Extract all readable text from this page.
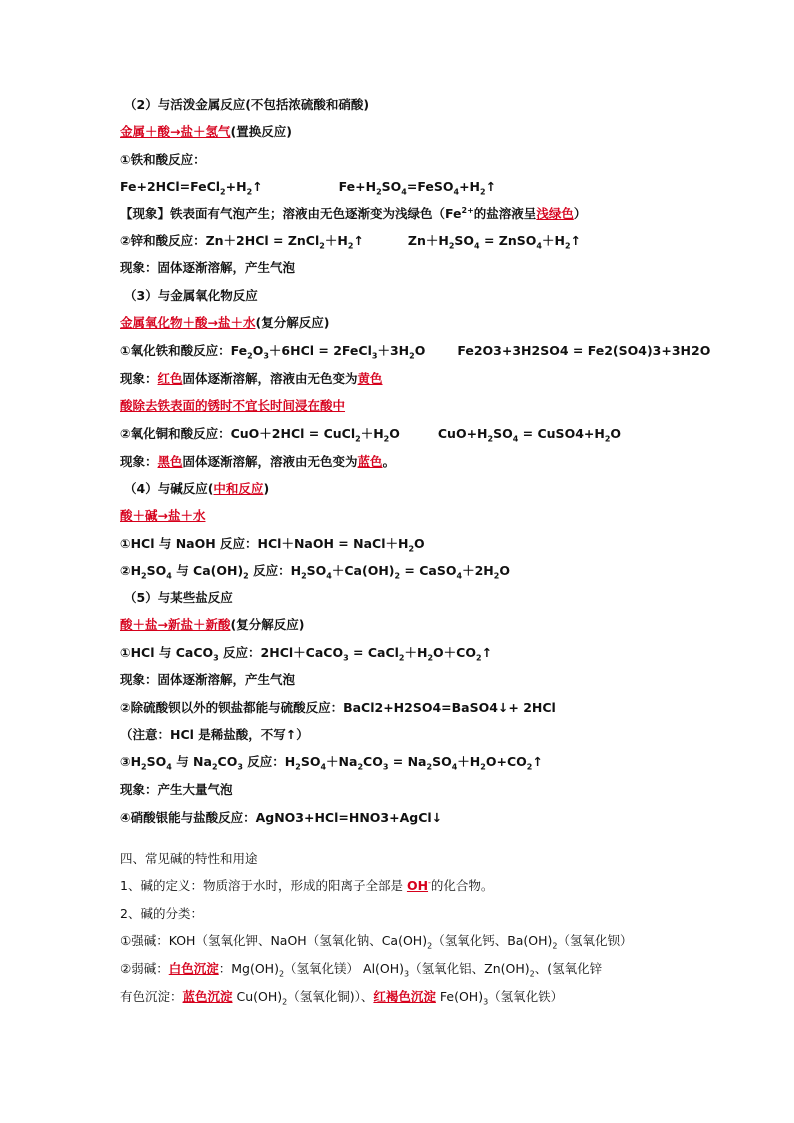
（2）与活泼金属反应(不包括浓硫酸和硝酸)
金属＋酸→盐＋氢气(置换反应)
①铁和酸反应：
$Fe+2HCl=FeCl_2+H_2↑$	$Fe+H_2SO_4=FeSO_4+H_2↑$
【现象】铁表面有气泡产生；溶液由无色逐渐变为浅绿色（$Fe^{2+}$的盐溶液呈浅绿色）
②锌和酸反应：$Zn+2HCl = ZnCl_2+H_2↑$	$Zn+H_2SO_4$ = $ZnSO_4+H_2↑$
现象：固体逐渐溶解，产生气泡
（3）与金属氧化物反应
金属氧化物＋酸→盐＋水(复分解反应)
①氧化铁和酸反应：$Fe_2O_3+6HCl$ = $2FeCl_3+3H_2O$	Fe2O3+3H2SO4 = Fe2(SO4)3+3H2O
现象：红色固体逐渐溶解，溶液由无色变为黄色
酸除去铁表面的锈时不宜长时间浸在酸中
②氧化铜和酸反应：$CuO+2HCl = CuCl_2+H_2O$	$CuO+H_2SO_4$ = $CuSO4+H_2O$
现象：黑色固体逐渐溶解，溶液由无色变为蓝色。
（4）与碱反应(中和反应)
酸＋碱→盐＋水
①HCl 与 NaOH 反应：HCl＋NaOH = $NaCl+H_2O$
$②H_2SO_4$ 与 $Ca(OH)_2$ 反应：$H_2SO_4+Ca(OH)_2$ = $CaSO_4+2H_2O$
（5）与某些盐反应
酸＋盐→新盐＋新酸(复分解反应)
①HCl 与 CaCO$_3$ 反应：2HCl＋CaCO$_3$ = $CaCl_2+H_2O+CO_2↑$
现象：固体逐渐溶解，产生气泡
②除硫酸钡以外的钡盐都能与硫酸反应：BaCl2+H2SO4=BaSO4↓+ 2HCl
（注意：HCl 是稀盐酸，不写↑）
$③H_2SO_4$ 与 $Na_2CO_3$ 反应：$H_2SO_4+Na_2CO_3$ = $Na_2SO_4+H_2O+CO_2↑$
现象：产生大量气泡
④硝酸银能与盐酸反应：AgNO3+HCl=HNO3+AgCl↓
四、常见碱的特性和用途
1、碱的定义：物质溶于水时，形成的阳离子全部是 OH-的化合物。
2、碱的分类：
①强碱：KOH（氢氧化钾、NaOH（氢氧化钠、$Ca(OH)_2$（氢氧化钙、$Ba(OH)_2$（氢氧化钡）
②弱碱：白色沉淀：$Mg(OH)_2$（氢氧化镁） $Al(OH)_3$（氢氧化铝、$Zn(OH)_2$、(氢氧化锌
有色沉淀：蓝色沉淀 $Cu(OH)_2$（氢氧化铜)）、红褐色沉淀 $Fe(OH)_3$（氢氧化铁）
